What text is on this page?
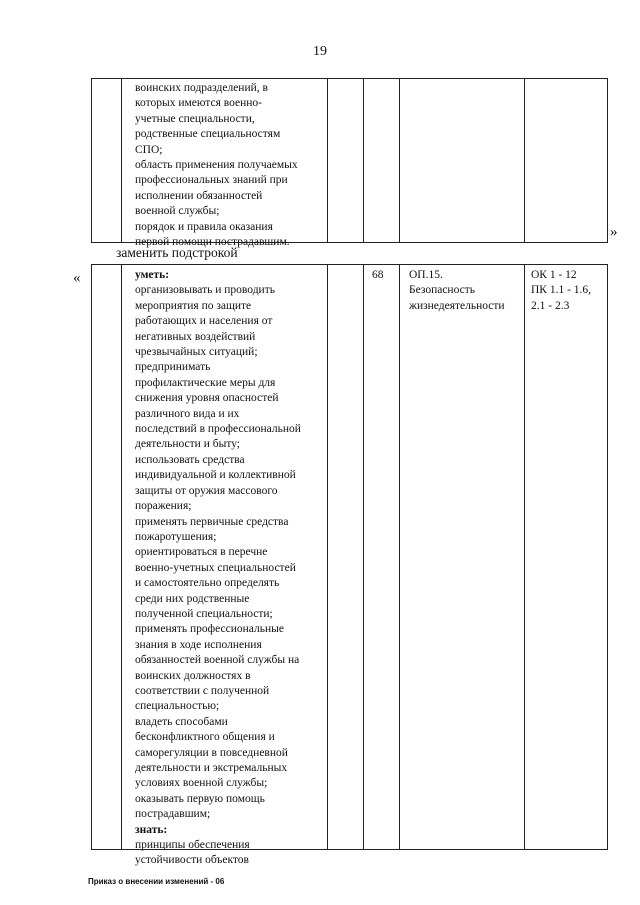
19
воинских подразделений, в
которых имеются военно-
учетные специальности,
родственные специальностям
СПО;
область применения получаемых
профессиональных знаний при
исполнении обязанностей
военной службы;
порядок и правила оказания
первой помощи пострадавшим.
»
заменить подстрокой
«	уметь:
организовывать и проводить
мероприятия по защите
работающих и населения от
негативных воздействий
чрезвычайных ситуаций;
предпринимать
профилактические меры для
снижения уровня опасностей
различного вида и их
последствий в профессиональной
деятельности и быту;
использовать средства
индивидуальной и коллективной
защиты от оружия массового
поражения;
применять первичные средства
пожаротушения;
ориентироваться в перечне
военно-учетных специальностей
и самостоятельно определять
среди них родственные
полученной специальности;
применять профессиональные
знания в ходе исполнения
обязанностей военной службы на
воинских должностях в
соответствии с полученной
специальностью;
владеть способами
бесконфликтного общения и
саморегуляции в повседневной
деятельности и экстремальных
условиях военной службы;
оказывать первую помощь
пострадавшим;
знать:
принципы обеспечения
устойчивости объектов
68 ОП.15.
Безопасность
жизнедеятельности
ОК 1 - 12
ПК 1.1 - 1.6,
2.1 - 2.3
Приказ о внесении изменений - 06
